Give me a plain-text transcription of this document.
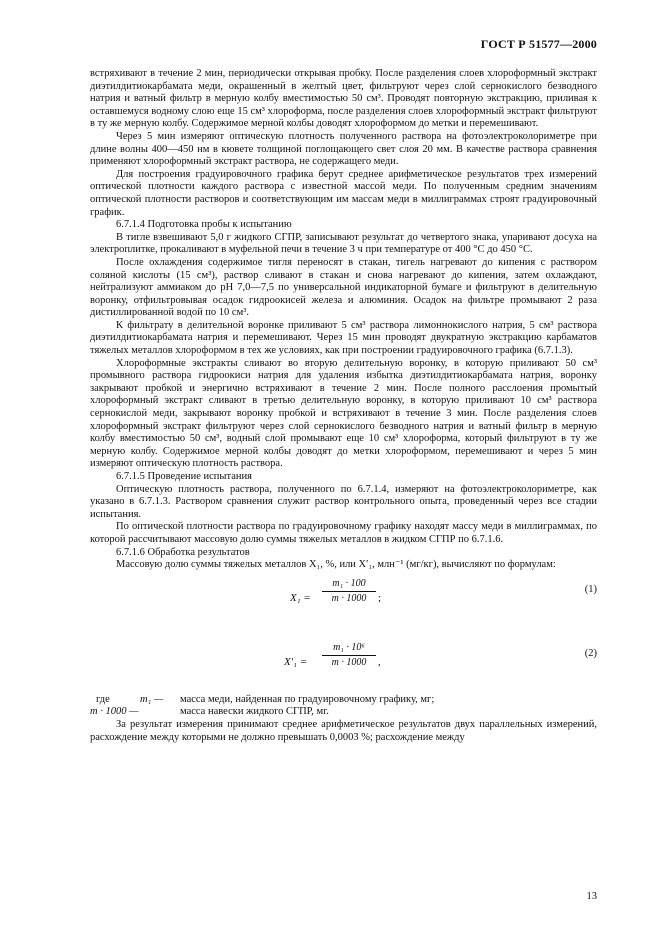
ГОСТ Р 51577—2000

встряхивают в течение 2 мин, периодически открывая пробку. После разделения слоев хлороформный экстракт диэтилдитиокарбамата меди, окрашенный в желтый цвет, фильтруют через слой сернокислого безводного натрия и ватный фильтр в мерную колбу вместимостью 50 см³. Проводят повторную экстракцию, приливая к оставшемуся водному слою еще 15 см³ хлороформа, после разделения слоев хлороформный экстракт фильтруют в ту же мерную колбу. Содержимое мерной колбы доводят хлороформом до метки и перемешивают.

Через 5 мин измеряют оптическую плотность полученного раствора на фотоэлектроколориметре при длине волны 400—450 нм в кювете толщиной поглощающего свет слоя 20 мм. В качестве раствора сравнения применяют хлороформный экстракт раствора, не содержащего меди.

Для построения градуировочного графика берут среднее арифметическое результатов трех измерений оптической плотности каждого раствора с известной массой меди. По полученным средним значениям оптической плотности растворов и соответствующим им массам меди в миллиграммах строят градуировочный график.

6.7.1.4 Подготовка пробы к испытанию

В тигле взвешивают 5,0 г жидкого СГПР, записывают результат до четвертого знака, упаривают досуха на электроплитке, прокаливают в муфельной печи в течение 3 ч при температуре от 400 °С до 450 °С.

После охлаждения содержимое тигля переносят в стакан, тигель нагревают до кипения с раствором соляной кислоты (15 см³), раствор сливают в стакан и снова нагревают до кипения, затем охлаждают, нейтрализуют аммиаком до рН 7,0—7,5 по универсальной индикаторной бумаге и фильтруют в делительную воронку, отфильтровывая осадок гидроокисей железа и алюминия. Осадок на фильтре промывают 2 раза дистиллированной водой по 10 см³.

К фильтрату в делительной воронке приливают 5 см³ раствора лимоннокислого натрия, 5 см³ раствора диэтилдитиокарбамата натрия и перемешивают. Через 15 мин проводят двукратную экстракцию карбаматов тяжелых металлов хлороформом в тех же условиях, как при построении градуировочного графика (6.7.1.3).

Хлороформные экстракты сливают во вторую делительную воронку, в которую приливают 50 см³ промывного раствора гидроокиси натрия для удаления избытка диэтилдитиокарбамата натрия, воронку закрывают пробкой и энергично встряхивают в течение 2 мин. После полного расслоения промытый хлороформный экстракт сливают в третью делительную воронку, в которую приливают 10 см³ раствора сернокислой меди, закрывают воронку пробкой и встряхивают в течение 3 мин. После разделения слоев хлороформный экстракт фильтруют через слой сернокислого безводного натрия и ватный фильтр в мерную колбу вместимостью 50 см³, водный слой промывают еще 10 см³ хлороформа, который фильтруют в ту же мерную колбу. Содержимое мерной колбы доводят до метки хлороформом, перемешивают и через 5 мин измеряют оптическую плотность раствора.

6.7.1.5 Проведение испытания

Оптическую плотность раствора, полученного по 6.7.1.4, измеряют на фотоэлектроколориметре, как указано в 6.7.1.3. Раствором сравнения служит раствор контрольного опыта, проведенный через все стадии испытания.

По оптической плотности раствора по градуировочному графику находят массу меди в миллиграммах, по которой рассчитывают массовую долю суммы тяжелых металлов в жидком СГПР по 6.7.1.6.

6.7.1.6 Обработка результатов

Массовую долю суммы тяжелых металлов X₁, %, или X′₁, млн⁻¹ (мг/кг), вычисляют по формулам:

X₁ =
m₁ · 100
m · 1000	;
(1)
X′₁ =
m₁ · 10⁶
m · 1000	,
(2)
где	m₁ —	масса меди, найденная по градуировочному графику, мг;
m · 1000 —	масса навески жидкого СГПР, мг.

За результат измерения принимают среднее арифметическое результатов двух параллельных измерений, расхождение между которыми не должно превышать 0,0003 %; расхождение между

13
